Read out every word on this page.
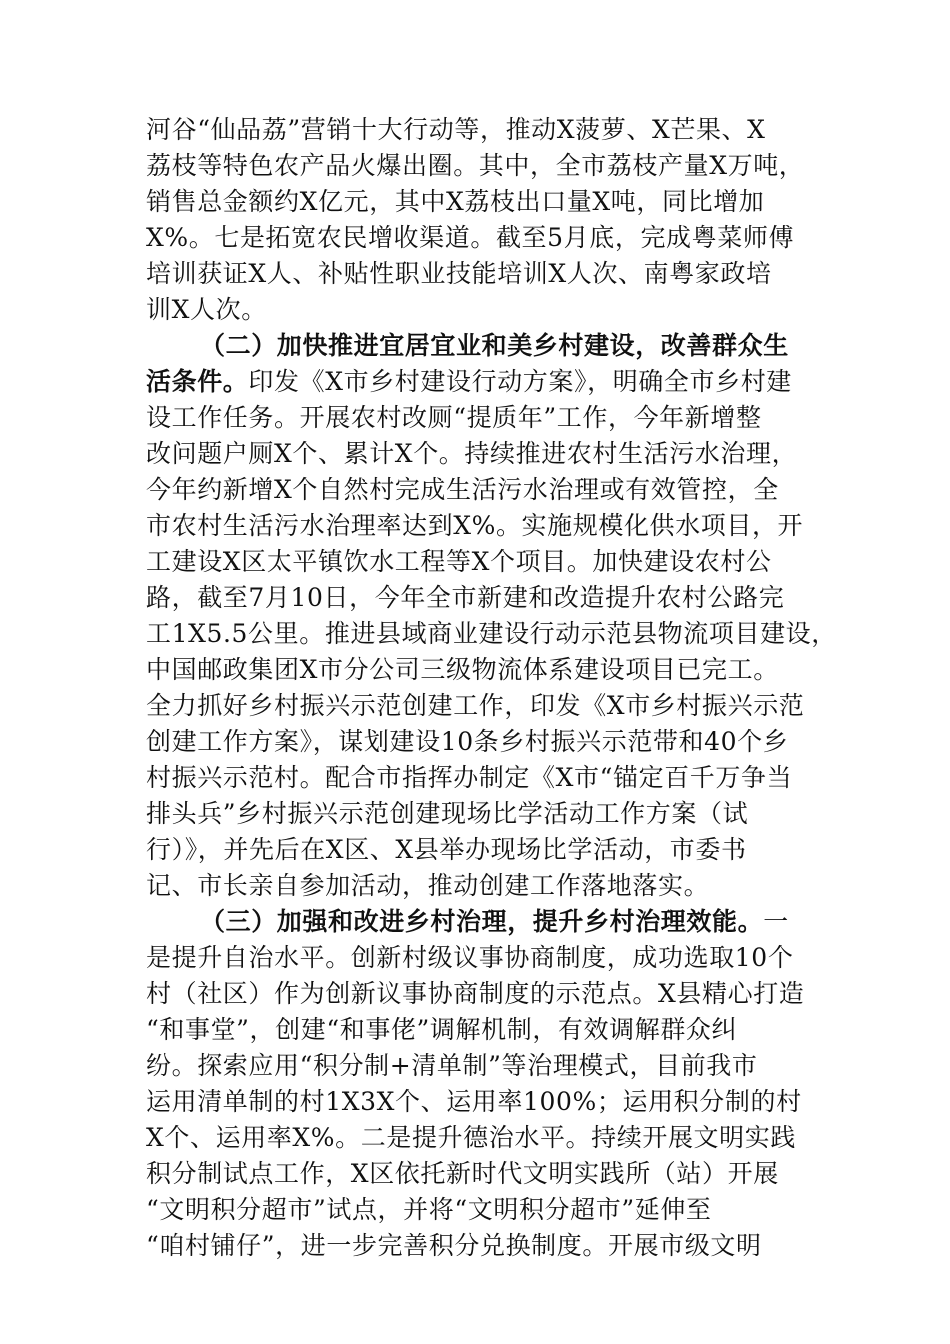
河谷“仙品荔”营销十大行动等，推动X菠萝、X芒果、X
荔枝等特色农产品火爆出圈。其中，全市荔枝产量X万吨，
销售总金额约X亿元，其中X荔枝出口量X吨，同比增加
X%。七是拓宽农民增收渠道。截至5月底，完成粤菜师傅
培训获证X人、补贴性职业技能培训X人次、南粤家政培
训X人次。
（二）加快推进宜居宜业和美乡村建设，改善群众生
活条件。印发《X市乡村建设行动方案》，明确全市乡村建
设工作任务。开展农村改厕“提质年”工作，今年新增整
改问题户厕X个、累计X个。持续推进农村生活污水治理，
今年约新增X个自然村完成生活污水治理或有效管控，全
市农村生活污水治理率达到X%。实施规模化供水项目，开
工建设X区太平镇饮水工程等X个项目。加快建设农村公
路，截至7月10日，今年全市新建和改造提升农村公路完
工1X5.5公里。推进县域商业建设行动示范县物流项目建设，
中国邮政集团X市分公司三级物流体系建设项目已完工。
全力抓好乡村振兴示范创建工作，印发《X市乡村振兴示范
创建工作方案》，谋划建设10条乡村振兴示范带和40个乡
村振兴示范村。配合市指挥办制定《X市“锚定百千万争当
排头兵”乡村振兴示范创建现场比学活动工作方案（试
行）》，并先后在X区、X县举办现场比学活动，市委书
记、市长亲自参加活动，推动创建工作落地落实。
（三）加强和改进乡村治理，提升乡村治理效能。一
是提升自治水平。创新村级议事协商制度，成功选取10个
村（社区）作为创新议事协商制度的示范点。X县精心打造
“和事堂”，创建“和事佬”调解机制，有效调解群众纠
纷。探索应用“积分制+清单制”等治理模式，目前我市
运用清单制的村1X3X个、运用率100%；运用积分制的村
X个、运用率X%。二是提升德治水平。持续开展文明实践
积分制试点工作，X区依托新时代文明实践所（站）开展
“文明积分超市”试点，并将“文明积分超市”延伸至
“咱村铺仔”，进一步完善积分兑换制度。开展市级文明
